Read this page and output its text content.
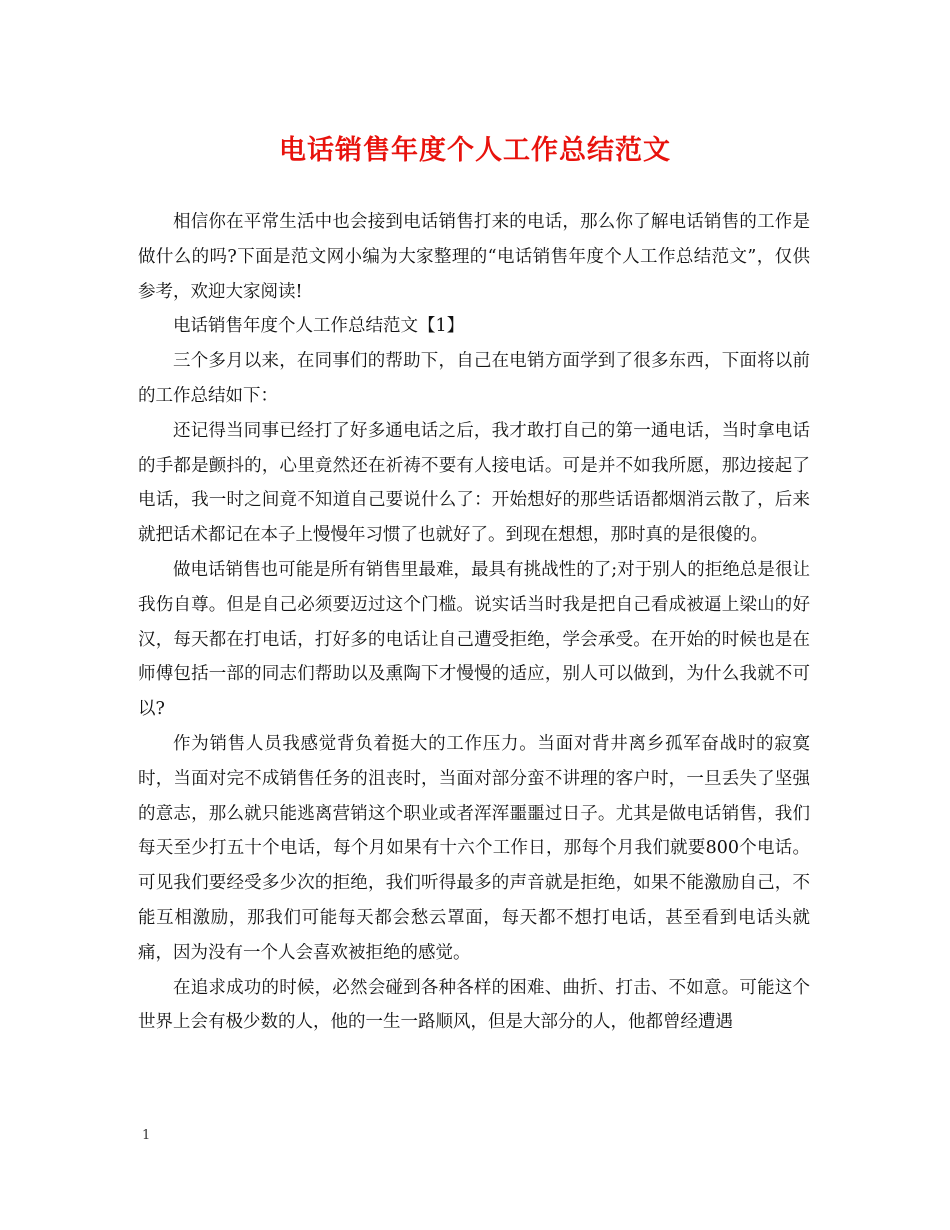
电话销售年度个人工作总结范文

相信你在平常生活中也会接到电话销售打来的电话，那么你了解电话销售的工作是做什么的吗?下面是范文网小编为大家整理的“电话销售年度个人工作总结范文”，仅供参考，欢迎大家阅读!

电话销售年度个人工作总结范文【1】

三个多月以来，在同事们的帮助下，自己在电销方面学到了很多东西，下面将以前的工作总结如下：

还记得当同事已经打了好多通电话之后，我才敢打自己的第一通电话，当时拿电话的手都是颤抖的，心里竟然还在祈祷不要有人接电话。可是并不如我所愿，那边接起了电话，我一时之间竟不知道自己要说什么了：开始想好的那些话语都烟消云散了，后来就把话术都记在本子上慢慢年习惯了也就好了。到现在想想，那时真的是很傻的。

做电话销售也可能是所有销售里最难，最具有挑战性的了;对于别人的拒绝总是很让我伤自尊。但是自己必须要迈过这个门槛。说实话当时我是把自己看成被逼上梁山的好汉，每天都在打电话，打好多的电话让自己遭受拒绝，学会承受。在开始的时候也是在师傅包括一部的同志们帮助以及熏陶下才慢慢的适应，别人可以做到，为什么我就不可以?

作为销售人员我感觉背负着挺大的工作压力。当面对背井离乡孤军奋战时的寂寞时，当面对完不成销售任务的沮丧时，当面对部分蛮不讲理的客户时，一旦丢失了坚强的意志，那么就只能逃离营销这个职业或者浑浑噩噩过日子。尤其是做电话销售，我们每天至少打五十个电话，每个月如果有十六个工作日，那每个月我们就要800个电话。可见我们要经受多少次的拒绝，我们听得最多的声音就是拒绝，如果不能激励自己，不能互相激励，那我们可能每天都会愁云罩面，每天都不想打电话，甚至看到电话头就痛，因为没有一个人会喜欢被拒绝的感觉。

在追求成功的时候，必然会碰到各种各样的困难、曲折、打击、不如意。可能这个世界上会有极少数的人，他的一生一路顺风，但是大部分的人，他都曾经遭遇

1
